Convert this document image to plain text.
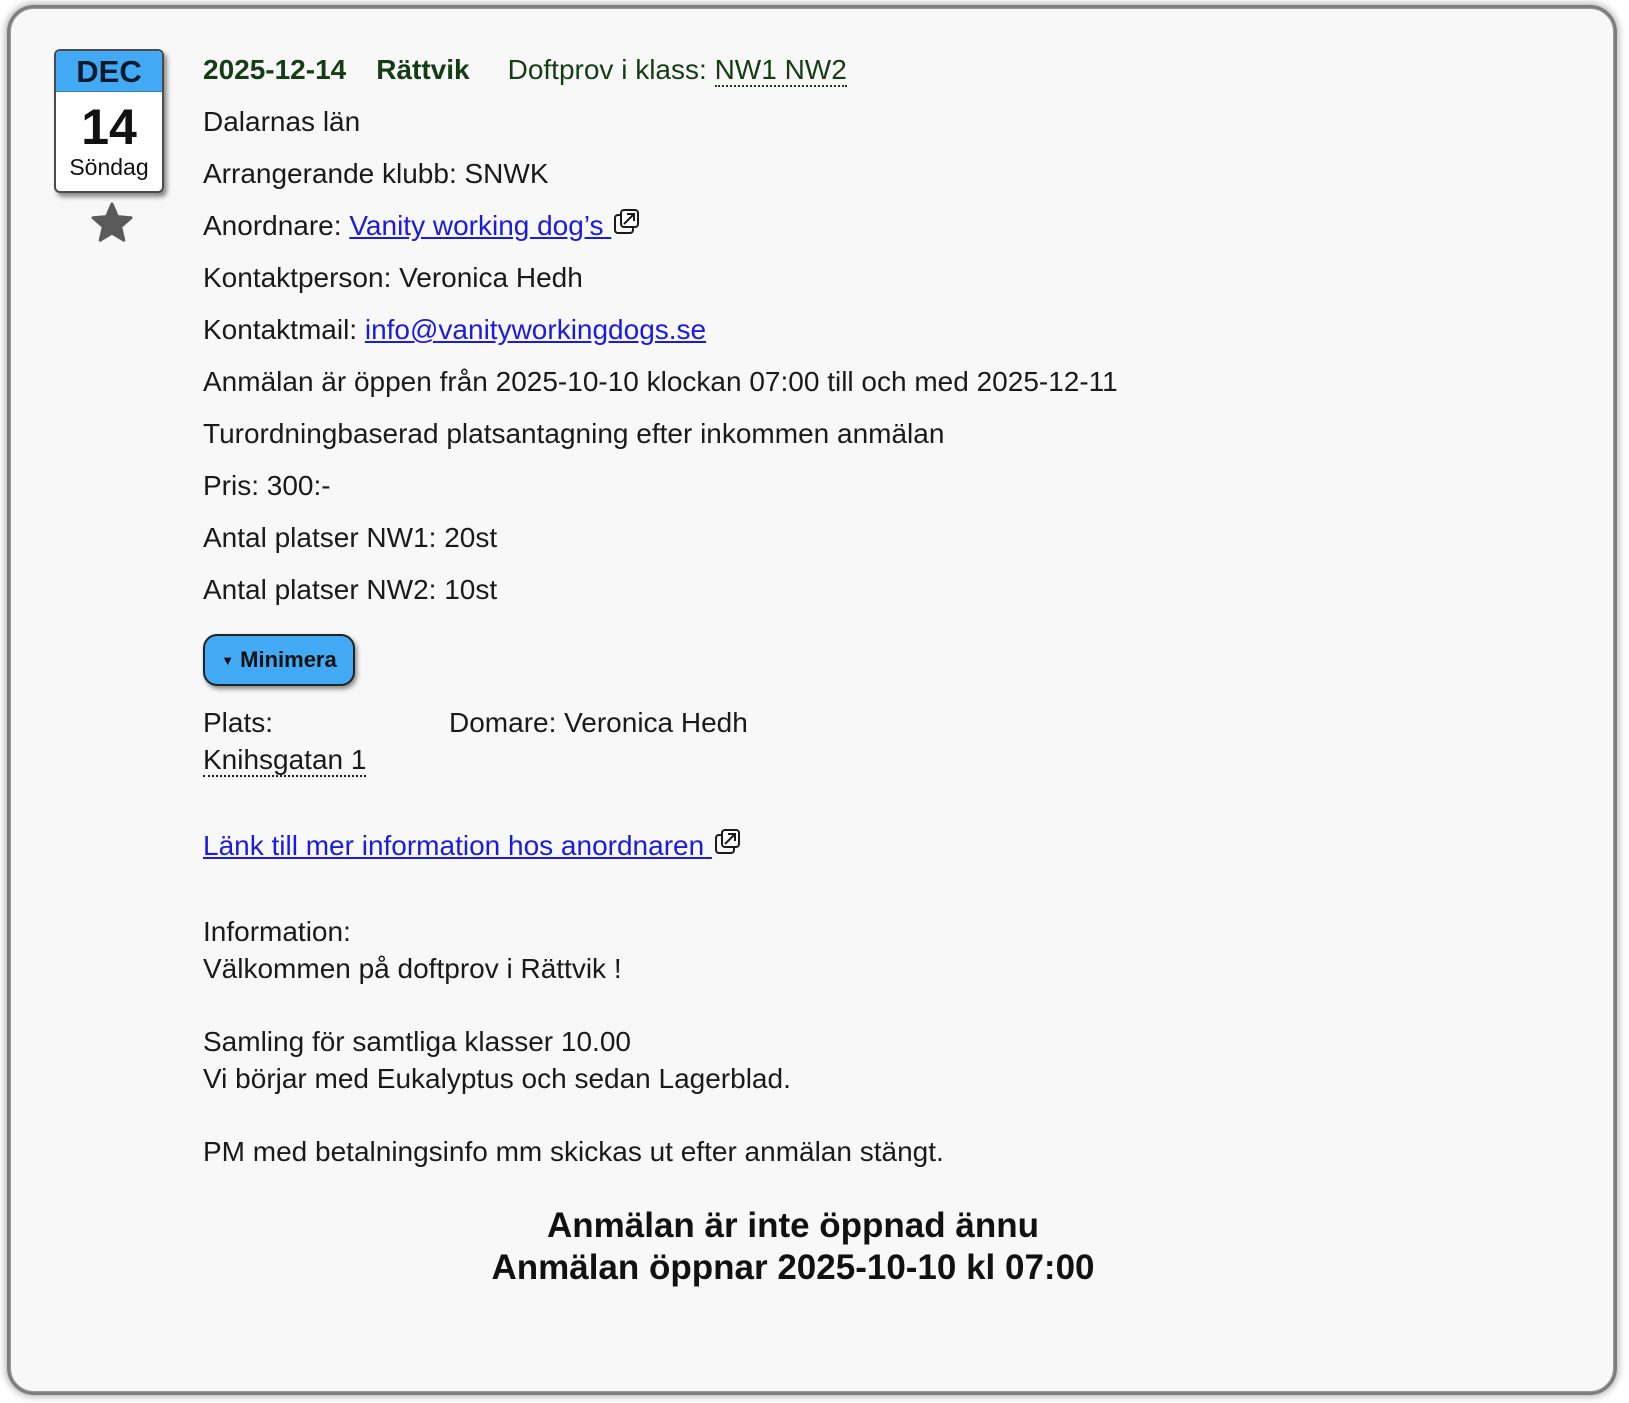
DEC
14
Söndag
2025-12-14 Rättvik Doftprov i klass: NW1 NW2
Dalarnas län
Arrangerande klubb: SNWK
Anordnare: Vanity working dog’s
Kontaktperson: Veronica Hedh
Kontaktmail: info@vanityworkingdogs.se
Anmälan är öppen från 2025-10-10 klockan 07:00 till och med 2025-12-11
Turordningbaserad platsantagning efter inkommen anmälan
Pris: 300:-
Antal platser NW1: 20st
Antal platser NW2: 10st
▼ Minimera
Plats:
Knihsgatan 1
Domare: Veronica Hedh
Länk till mer information hos anordnaren
Information:
Välkommen på doftprov i Rättvik !
Samling för samtliga klasser 10.00
Vi börjar med Eukalyptus och sedan Lagerblad.
PM med betalningsinfo mm skickas ut efter anmälan stängt.
Anmälan är inte öppnad ännu
Anmälan öppnar 2025-10-10 kl 07:00
